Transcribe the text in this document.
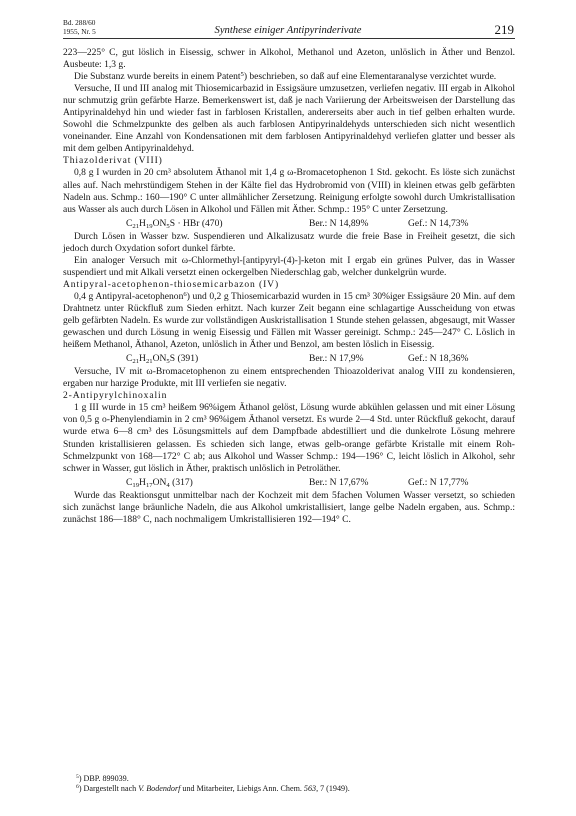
Bd. 288/60
1955, Nr. 5	Synthese einiger Antipyrinderivate	219

223—225° C, gut löslich in Eisessig, schwer in Alkohol, Methanol und Azeton, unlöslich in Äther und Benzol. Ausbeute: 1,3 g.

Die Substanz wurde bereits in einem Patent$^5$) beschrieben, so daß auf eine Elementaranalyse verzichtet wurde.

Versuche, II und III analog mit Thiosemicarbazid in Essigsäure umzusetzen, verliefen negativ. III ergab in Alkohol nur schmutzig grün gefärbte Harze. Bemerkenswert ist, daß je nach Variierung der Arbeitsweisen der Darstellung das Antipyrinaldehyd hin und wieder fast in farblosen Kristallen, andererseits aber auch in tief gelben erhalten wurde. Sowohl die Schmelzpunkte des gelben als auch farblosen Antipyrinaldehyds unterschieden sich nicht wesentlich voneinander. Eine Anzahl von Kondensationen mit dem farblosen Antipyrinaldehyd verliefen glatter und besser als mit dem gelben Antipyrinaldehyd.

Thiazolderivat (VIII)

0,8 g I wurden in 20 cm³ absolutem Äthanol mit 1,4 g ω-Bromacetophenon 1 Std. gekocht. Es löste sich zunächst alles auf. Nach mehrstündigem Stehen in der Kälte fiel das Hydrobromid von (VIII) in kleinen etwas gelb gefärbten Nadeln aus. Schmp.: 160—190° C unter allmählicher Zersetzung. Reinigung erfolgte sowohl durch Umkristallisation aus Wasser als auch durch Lösen in Alkohol und Fällen mit Äther. Schmp.: 195° C unter Zersetzung.

$C_{21}H_{19}ON_5S$ · HBr (470)	Ber.: N 14,89%	Gef.: N 14,73%

Durch Lösen in Wasser bzw. Suspendieren und Alkalizusatz wurde die freie Base in Freiheit gesetzt, die sich jedoch durch Oxydation sofort dunkel färbte.

Ein analoger Versuch mit ω-Chlormethyl-[antipyryl-(4)-]-keton mit I ergab ein grünes Pulver, das in Wasser suspendiert und mit Alkali versetzt einen ockergelben Niederschlag gab, welcher dunkelgrün wurde.

Antipyral-acetophenon-thiosemicarbazon (IV)

0,4 g Antipyral-acetophenon$^6$) und 0,2 g Thiosemicarbazid wurden in 15 cm³ 30%iger Essigsäure 20 Min. auf dem Drahtnetz unter Rückfluß zum Sieden erhitzt. Nach kurzer Zeit begann eine schlagartige Ausscheidung von etwas gelb gefärbten Nadeln. Es wurde zur vollständigen Auskristallisation 1 Stunde stehen gelassen, abgesaugt, mit Wasser gewaschen und durch Lösung in wenig Eisessig und Fällen mit Wasser gereinigt. Schmp.: 245—247° C. Löslich in heißem Methanol, Äthanol, Azeton, unlöslich in Äther und Benzol, am besten löslich in Eisessig.

$C_{21}H_{21}ON_5S$ (391)	Ber.: N 17,9%	Gef.: N 18,36%

Versuche, IV mit ω-Bromacetophenon zu einem entsprechenden Thioazolderivat analog VIII zu kondensieren, ergaben nur harzige Produkte, mit III verliefen sie negativ.

2-Antipyrylchinoxalin

1 g III wurde in 15 cm³ heißem 96%igem Äthanol gelöst, Lösung wurde abkühlen gelassen und mit einer Lösung von 0,5 g o-Phenylendiamin in 2 cm³ 96%igem Äthanol versetzt. Es wurde 2—4 Std. unter Rückfluß gekocht, darauf wurde etwa 6—8 cm³ des Lösungsmittels auf dem Dampfbade abdestilliert und die dunkelrote Lösung mehrere Stunden kristallisieren gelassen. Es schieden sich lange, etwas gelb-orange gefärbte Kristalle mit einem Roh-Schmelzpunkt von 168—172° C ab; aus Alkohol und Wasser Schmp.: 194—196° C, leicht löslich in Alkohol, sehr schwer in Wasser, gut löslich in Äther, praktisch unlöslich in Petroläther.

$C_{19}H_{17}ON_4$ (317)	Ber.: N 17,67%	Gef.: N 17,77%

Wurde das Reaktionsgut unmittelbar nach der Kochzeit mit dem 5fachen Volumen Wasser versetzt, so schieden sich zunächst lange bräunliche Nadeln, die aus Alkohol umkristallisiert, lange gelbe Nadeln ergaben, aus. Schmp.: zunächst 186—188° C, nach nochmaligem Umkristallisieren 192—194° C.

$^5$) DBP. 899039.

$^6$) Dargestellt nach V. Bodendorf und Mitarbeiter, Liebigs Ann. Chem. 563, 7 (1949).
